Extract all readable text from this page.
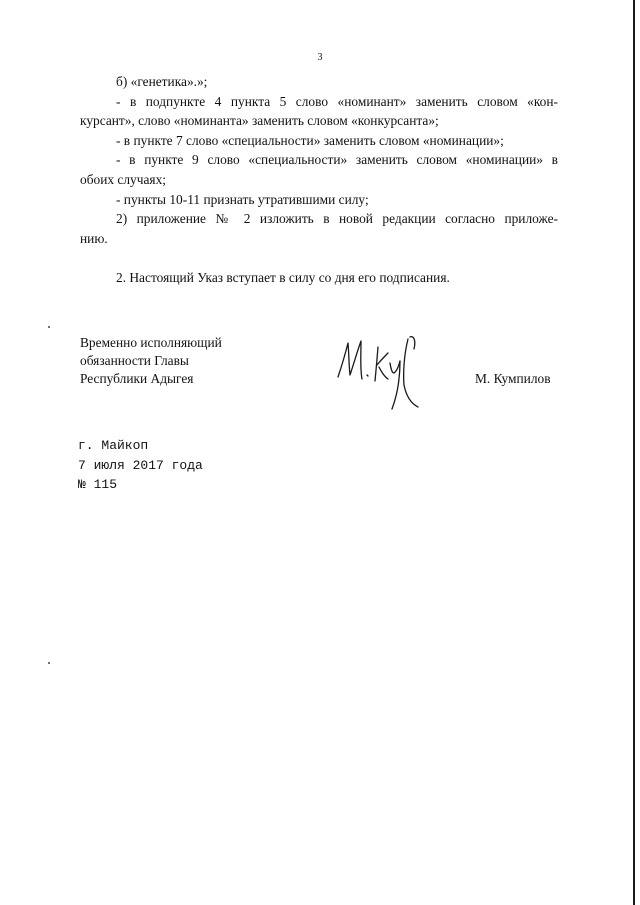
3

б) «генетика».»;

- в подпункте 4 пункта 5 слово «номинант» заменить словом «кон-

курсант», слово «номинанта» заменить словом «конкурсанта»;

- в пункте 7 слово «специальности» заменить словом «номинации»;

- в пункте 9 слово «специальности» заменить словом «номинации» в

обоих случаях;

- пункты 10-11 признать утратившими силу;

2) приложение № 2 изложить в новой редакции согласно приложе-

нию.

2. Настоящий Указ вступает в силу со дня его подписания.

Временно исполняющий
обязанности Главы
Республики Адыгея	М. Кумпилов
г. Майкоп
7 июля 2017 года
№ 115
